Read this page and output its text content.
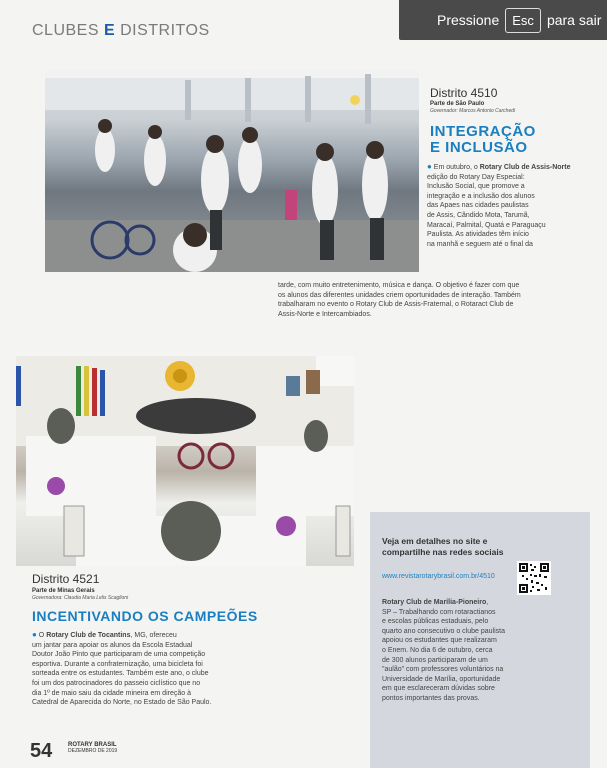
CLUBES E DISTRITOS
Pressione	Esc para sair
Distrito 4510
Parte de São Paulo
Governador: Marcos Antonio Carchedi
INTEGRAÇÃO
E INCLUSÃO
● Em outubro, o Rotary Club de Assis-Norte
edição do Rotary Day Especial:
Inclusão Social, que promove a
integração e a inclusão dos alunos
das Apaes nas cidades paulistas
de Assis, Cândido Mota, Tarumã,
Maracaí, Palmital, Quatá e Paraguaçu
Paulista. As atividades têm início
na manhã e seguem até o final da
tarde, com muito entretenimento, música e dança. O objetivo é fazer com que
os alunos das diferentes unidades criem oportunidades de interação. Também
trabalharam no evento o Rotary Club de Assis-Fraternal, o Rotaract Club de
Assis-Norte e Intercambiados.
Distrito 4521
Parte de Minas Gerais
Governadora: Claudia Maria Lelis Scaglioni
INCENTIVANDO OS CAMPEÕES
● O Rotary Club de Tocantins, MG, ofereceu
um jantar para apoiar os alunos da Escola Estadual
Doutor João Pinto que participaram de uma competição
esportiva. Durante a confraternização, uma bicicleta foi
sorteada entre os estudantes. Também este ano, o clube
foi um dos patrocinadores do passeio ciclístico que no
dia 1º de maio saiu da cidade mineira em direção à
Catedral de Aparecida do Norte, no Estado de São Paulo.
Veja em detalhes no site e
compartilhe nas redes sociais
www.revistarotarybrasil.com.br/4510
Rotary Club de Marília-Pioneiro,
SP – Trabalhando com rotaractianos
e escolas públicas estaduais, pelo
quarto ano consecutivo o clube paulista
apoiou os estudantes que realizaram
o Enem. No dia 6 de outubro, cerca
de 300 alunos participaram de um
"aulão" com professores voluntários na
Universidade de Marília, oportunidade
em que esclareceram dúvidas sobre
pontos importantes das provas.
54	ROTARY BRASIL
DEZEMBRO DE 2019
